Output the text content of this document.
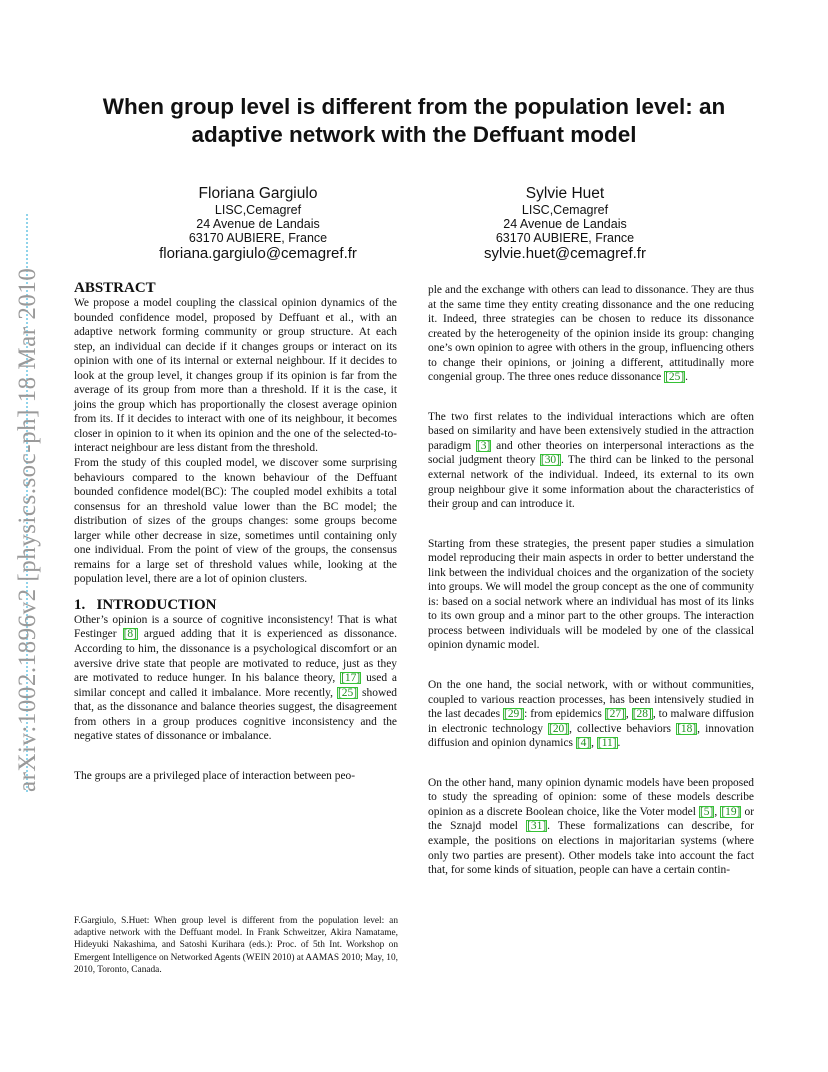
arXiv:1002.1896v2 [physics.soc-ph] 18 Mar 2010
When group level is different from the population level: an adaptive network with the Deffuant model
Floriana Gargiulo
LISC,Cemagref
24 Avenue de Landais
63170 AUBIERE, France
floriana.gargiulo@cemagref.fr
Sylvie Huet
LISC,Cemagref
24 Avenue de Landais
63170 AUBIERE, France
sylvie.huet@cemagref.fr
ABSTRACT

We propose a model coupling the classical opinion dynamics of the bounded confidence model, proposed by Deffuant et al., with an adaptive network forming community or group structure. At each step, an individual can decide if it changes groups or interact on its opinion with one of its internal or external neighbour. If it decides to look at the group level, it changes group if its opinion is far from the average of its group from more than a threshold. If it is the case, it joins the group which has proportionally the closest average opinion from its. If it decides to interact with one of its neighbour, it becomes closer in opinion to it when its opinion and the one of the selected-to-interact neighbour are less distant from the threshold.

From the study of this coupled model, we discover some surprising behaviours compared to the known behaviour of the Deffuant bounded confidence model(BC): The coupled model exhibits a total consensus for an threshold value lower than the BC model; the distribution of sizes of the groups changes: some groups become larger while other decrease in size, sometimes until containing only one individual. From the point of view of the groups, the consensus remains for a large set of threshold values while, looking at the population level, there are a lot of opinion clusters.

1.   INTRODUCTION

Other’s opinion is a source of cognitive inconsistency! That is what Festinger [8] argued adding that it is experienced as dissonance. According to him, the dissonance is a psychological discomfort or an aversive drive state that people are motivated to reduce, just as they are motivated to reduce hunger. In his balance theory, [17] used a similar concept and called it imbalance. More recently, [25] showed that, as the dissonance and balance theories suggest, the disagreement from others in a group produces cognitive inconsistency and the negative states of dissonance or imbalance.

The groups are a privileged place of interaction between peo-

F.Gargiulo, S.Huet: When group level is different from the population level: an adaptive network with the Deffuant model. In Frank Schweitzer, Akira Namatame, Hideyuki Nakashima, and Satoshi Kurihara (eds.): Proc. of 5th Int. Workshop on Emergent Intelligence on Networked Agents (WEIN 2010) at AAMAS 2010; May, 10, 2010, Toronto, Canada.

ple and the exchange with others can lead to dissonance. They are thus at the same time they entity creating dissonance and the one reducing it. Indeed, three strategies can be chosen to reduce its dissonance created by the heterogeneity of the opinion inside its group: changing one’s own opinion to agree with others in the group, influencing others to change their opinions, or joining a different, attitudinally more congenial group. The three ones reduce dissonance [25].

The two first relates to the individual interactions which are often based on similarity and have been extensively studied in the attraction paradigm [3] and other theories on interpersonal interactions as the social judgment theory [30]. The third can be linked to the personal external network of the individual. Indeed, its external to its own group neighbour give it some information about the characteristics of their group and can introduce it.

Starting from these strategies, the present paper studies a simulation model reproducing their main aspects in order to better understand the link between the individual choices and the organization of the society into groups. We will model the group concept as the one of community is: based on a social network where an individual has most of its links to its own group and a minor part to the other groups. The interaction process between individuals will be modeled by one of the classical opinion dynamic model.

On the one hand, the social network, with or without communities, coupled to various reaction processes, has been intensively studied in the last decades [29]: from epidemics [27], [28], to malware diffusion in electronic technology [20], collective behaviors [18], innovation diffusion and opinion dynamics [4], [11].

On the other hand, many opinion dynamic models have been proposed to study the spreading of opinion: some of these models describe opinion as a discrete Boolean choice, like the Voter model [5], [19] or the Sznajd model [31]. These formalizations can describe, for example, the positions on elections in majoritarian systems (where only two parties are present). Other models take into account the fact that, for some kinds of situation, people can have a certain contin-
